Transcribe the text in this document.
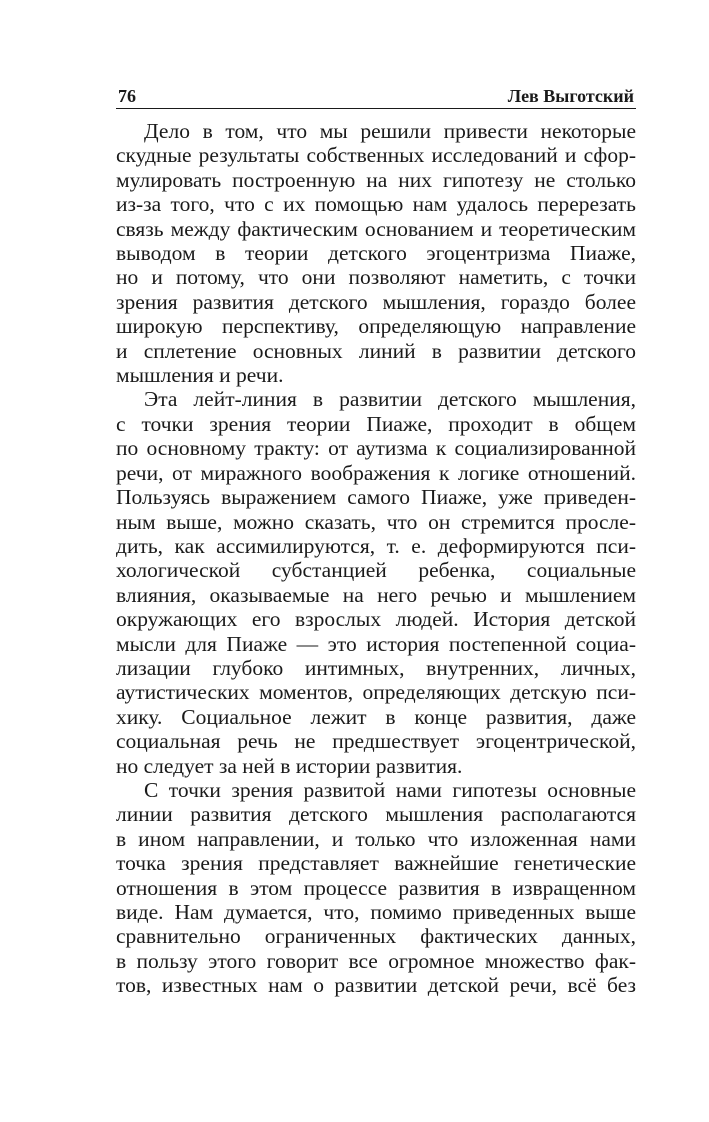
76	Лев Выготский

Дело в том, что мы решили привести некоторые
скудные результаты собственных исследований и сфор-
мулировать построенную на них гипотезу не столько
из-за того, что с их помощью нам удалось перерезать
связь между фактическим основанием и теоретическим
выводом в теории детского эгоцентризма Пиаже,
но и потому, что они позволяют наметить, с точки
зрения развития детского мышления, гораздо более
широкую перспективу, определяющую направление
и сплетение основных линий в развитии детского
мышления и речи.

Эта лейт-линия в развитии детского мышления,
с точки зрения теории Пиаже, проходит в общем
по основному тракту: от аутизма к социализированной
речи, от миражного воображения к логике отношений.
Пользуясь выражением самого Пиаже, уже приведен-
ным выше, можно сказать, что он стремится просле-
дить, как ассимилируются, т. е. деформируются пси-
хологической субстанцией ребенка, социальные
влияния, оказываемые на него речью и мышлением
окружающих его взрослых людей. История детской
мысли для Пиаже — это история постепенной социа-
лизации глубоко интимных, внутренних, личных,
аутистических моментов, определяющих детскую пси-
хику. Социальное лежит в конце развития, даже
социальная речь не предшествует эгоцентрической,
но следует за ней в истории развития.

С точки зрения развитой нами гипотезы основные
линии развития детского мышления располагаются
в ином направлении, и только что изложенная нами
точка зрения представляет важнейшие генетические
отношения в этом процессе развития в извращенном
виде. Нам думается, что, помимо приведенных выше
сравнительно ограниченных фактических данных,
в пользу этого говорит все огромное множество фак-
тов, известных нам о развитии детской речи, всё без
